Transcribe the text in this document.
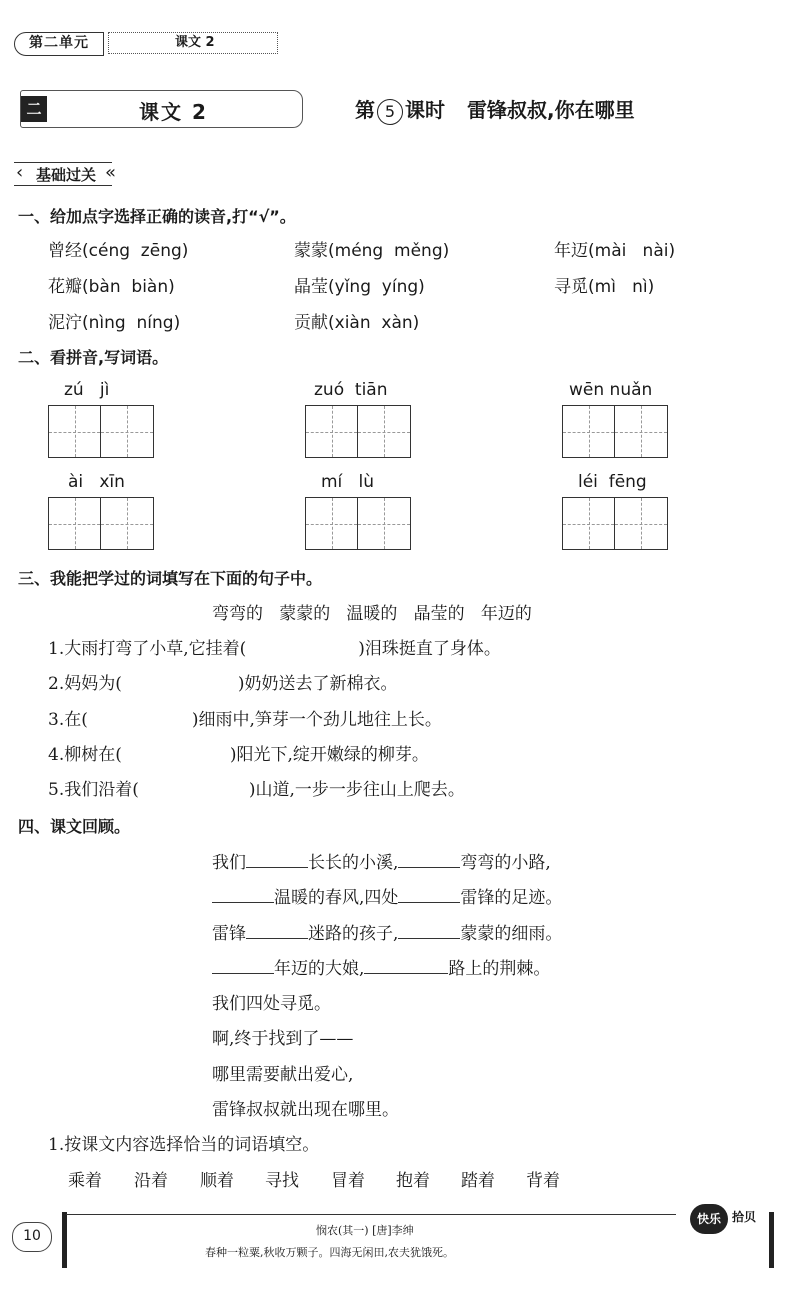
第二单元	课文 2
二	课文 2	第 5 课时 雷锋叔叔,你在哪里
‹ 基础过关 «
一、给加点字选择正确的读音,打“√”。
曾经(céng  zēng)	蒙蒙(méng  měng)	年迈(mài   nài)
花瓣(bàn  biàn)	晶莹(yǐng  yíng)	寻觅(mì   nì)
泥泞(nìng  níng)	贡献(xiàn  xàn)
二、看拼音,写词语。
zú   jì	zuó  tiān	wēn nuǎn
ài   xīn	mí   lù	léi  fēng
三、我能把学过的词填写在下面的句子中。
弯弯的   蒙蒙的   温暖的   晶莹的   年迈的
1.大雨打弯了小草,它挂着(	)泪珠挺直了身体。
2.妈妈为(	)奶奶送去了新棉衣。
3.在(	)细雨中,笋芽一个劲儿地往上长。
4.柳树在(	)阳光下,绽开嫩绿的柳芽。
5.我们沿着(	)山道,一步一步往山上爬去。
四、课文回顾。
我们	长长的小溪,	弯弯的小路,
温暖的春风,四处	雷锋的足迹。
雷锋	迷路的孩子,	蒙蒙的细雨。
年迈的大娘,	路上的荆棘。
我们四处寻觅。
啊,终于找到了——
哪里需要献出爱心,
雷锋叔叔就出现在哪里。
1.按课文内容选择恰当的词语填空。
乘着 沿着 顺着 寻找 冒着 抱着 踏着 背着
10	悯农(其一) [唐]李绅
春种一粒粟,秋收万颗子。四海无闲田,农夫犹饿死。
快乐 拾贝
